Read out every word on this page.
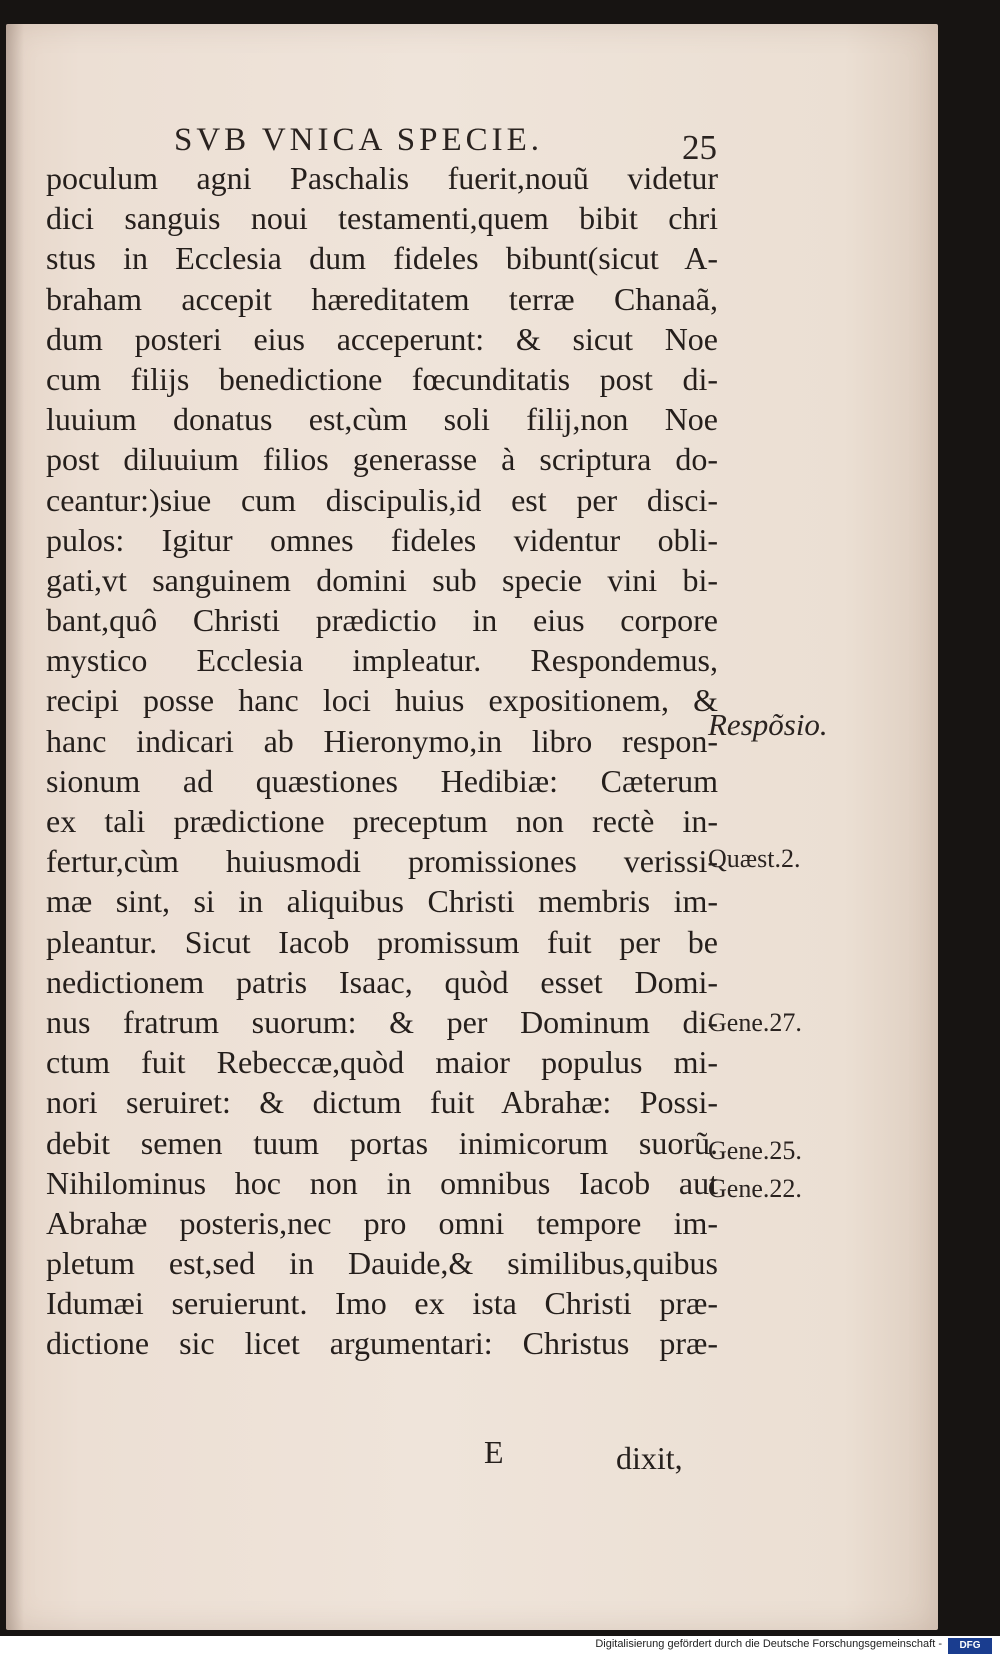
SVB VNICA SPECIE.	25
poculum agni Paschalis fuerit,nouũ videtur
dici sanguis noui testamenti,quem bibit chri
stus in Ecclesia dum fideles bibunt(sicut A-
braham accepit hæreditatem terræ Chanaã,
dum posteri eius acceperunt: & sicut Noe
cum filijs benedictione fœcunditatis post di-
luuium donatus est,cùm soli filij,non Noe
post diluuium filios generasse à scriptura do-
ceantur:)siue cum discipulis,id est per disci-
pulos: Igitur omnes fideles videntur obli-
gati,vt sanguinem domini sub specie vini bi-
bant,quô Christi prædictio in eius corpore
mystico Ecclesia impleatur. Respondemus,
recipi posse hanc loci huius expositionem, &
hanc indicari ab Hieronymo,in libro respon-
sionum ad quæstiones Hedibiæ: Cæterum
ex tali prædictione preceptum non rectè in-
fertur,cùm huiusmodi promissiones verissi-
mæ sint, si in aliquibus Christi membris im-
pleantur. Sicut Iacob promissum fuit per be
nedictionem patris Isaac, quòd esset Domi-
nus fratrum suorum: & per Dominum di-
ctum fuit Rebeccæ,quòd maior populus mi-
nori seruiret: & dictum fuit Abrahæ: Possi-
debit semen tuum portas inimicorum suorũ.
Nihilominus hoc non in omnibus Iacob aut
Abrahæ posteris,nec pro omni tempore im-
pletum est,sed in Dauide,& similibus,quibus
Idumæi seruierunt. Imo ex ista Christi præ-
dictione sic licet argumentari: Christus præ-
Respõsio.
Quæst.2.
Gene.27.
Gene.25.
Gene.22.
E	dixit,
Digitalisierung gefördert durch die Deutsche Forschungsgemeinschaft -	DFG
